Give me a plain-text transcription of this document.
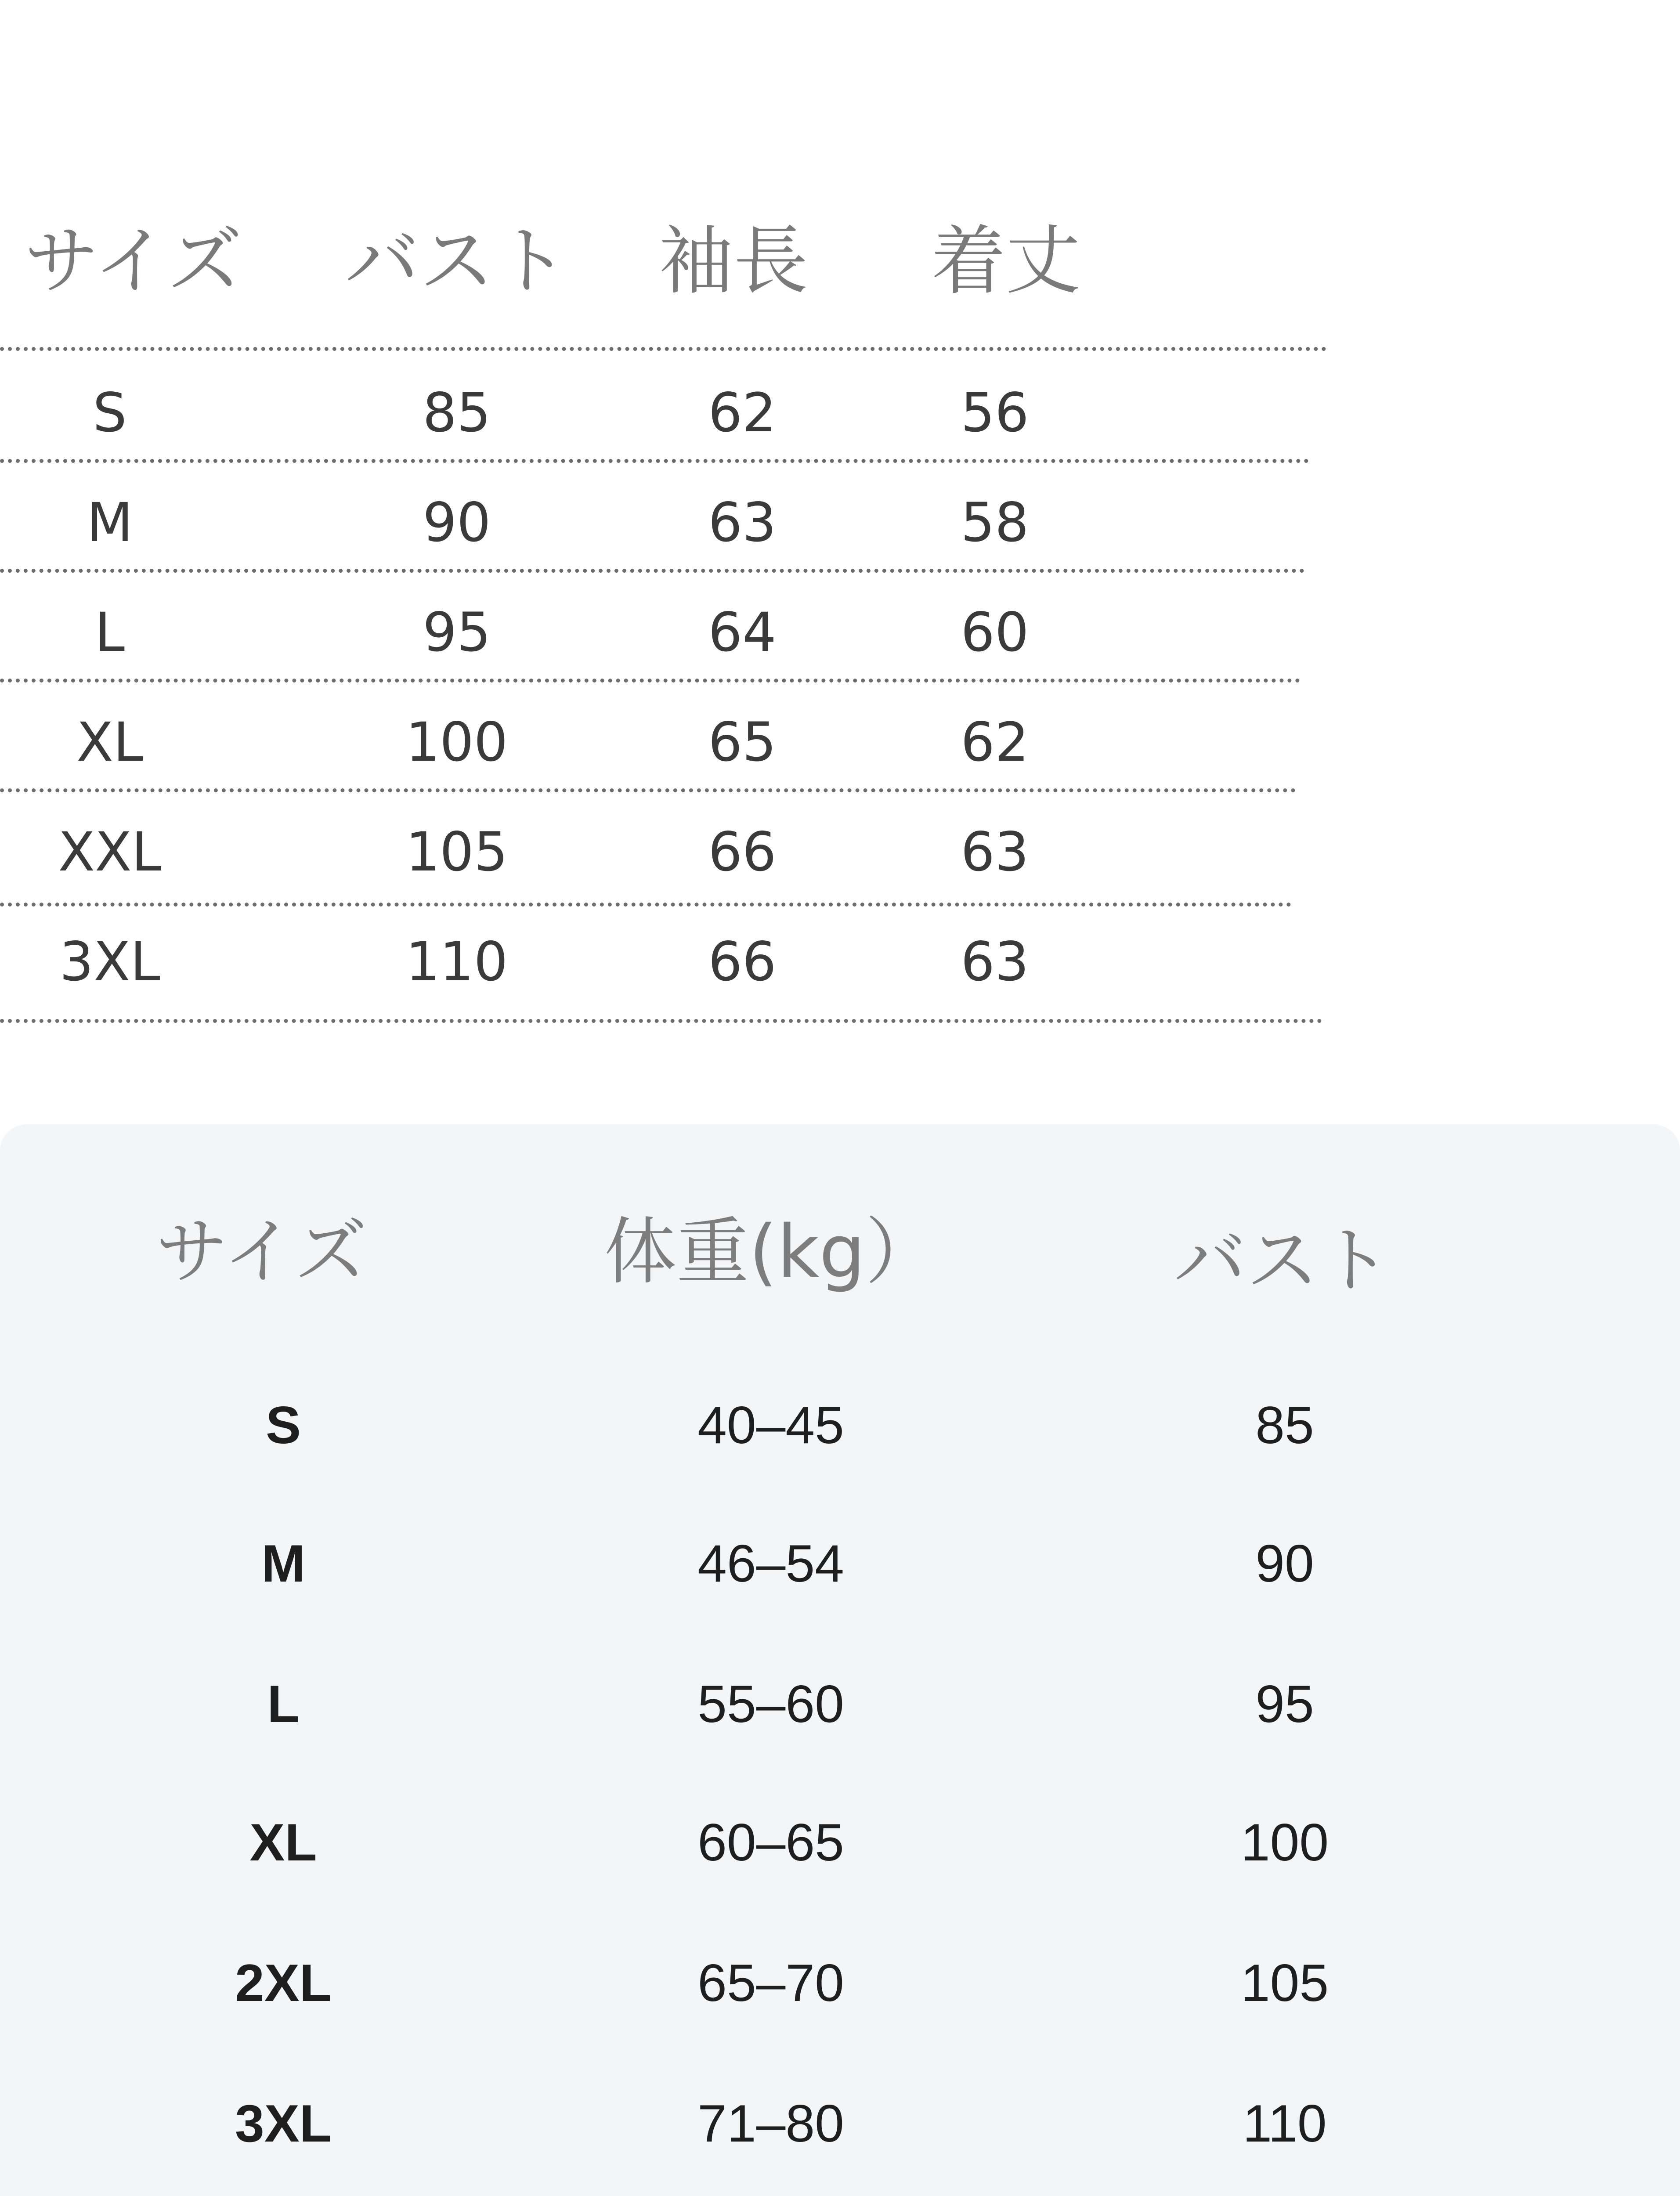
サイズ バスト 袖長 着丈
S	85	62	56
M	90	63	58
L	95	64	60
XL	100	65	62
XXL	105	66	63
3XL	110	66	63
サイズ	体重(kg）	バスト
S	40–45	85
M	46–54	90
L	55–60	95
XL	60–65	100
2XL	65–70	105
3XL	71–80	110
